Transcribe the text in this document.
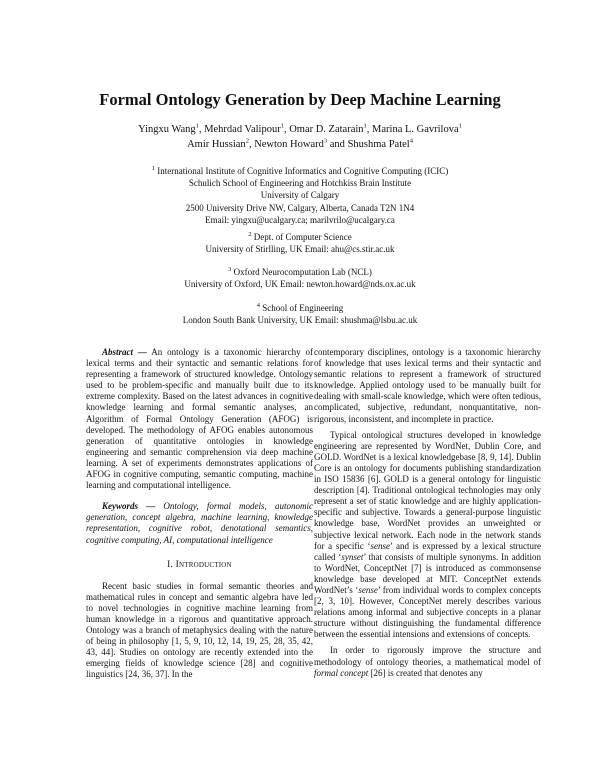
Formal Ontology Generation by Deep Machine Learning
Yingxu Wang$^1$, Mehrdad Valipour$^1$, Omar D. Zatarain$^1$, Marina L. Gavrilova$^1$
Amir Hussian$^2$, Newton Howard$^3$ and Shushma Patel$^4$
$^1$ International Institute of Cognitive Informatics and Cognitive Computing (ICIC)
Schulich School of Engineering and Hotchkiss Brain Institute
University of Calgary
2500 University Drive NW, Calgary, Alberta, Canada T2N 1N4
Email: yingxu@ucalgary.ca; marilvrilo@ucalgary.ca
$^2$ Dept. of Computer Science
University of Stirlling, UK Email: ahu@cs.stir.ac.uk
$^3$ Oxford Neurocomputation Lab (NCL)
University of Oxford, UK Email: newton.howard@nds.ox.ac.uk
$^4$ School of Engineering
London South Bank University, UK Email: shushma@lsbu.ac.uk

Abstract — An ontology is a taxonomic hierarchy of lexical terms and their syntactic and semantic relations for representing a framework of structured knowledge. Ontology used to be problem-specific and manually built due to its extreme complexity. Based on the latest advances in cognitive knowledge learning and formal semantic analyses, an Algorithm of Formal Ontology Generation (AFOG) is developed. The methodology of AFOG enables autonomous generation of quantitative ontologies in knowledge engineering and semantic comprehension via deep machine learning. A set of experiments demonstrates applications of AFOG in cognitive computing, semantic computing, machine learning and computational intelligence.

Keywords — Ontology, formal models, autonomic generation, concept algebra, machine learning, knowledge representation, cognitive robot, denotational semantics, cognitive computing, AI, computational intelligence

I. Introduction

Recent basic studies in formal semantic theories and mathematical rules in concept and semantic algebra have led to novel technologies in cognitive machine learning from human knowledge in a rigorous and quantitative approach. Ontology was a branch of metaphysics dealing with the nature of being in philosophy [1, 5, 9, 10, 12, 14, 19, 25, 28, 35, 42, 43, 44]. Studies on ontology are recently extended into the emerging fields of knowledge science [28] and cognitive linguistics [24, 36, 37]. In the

contemporary disciplines, ontology is a taxonomic hierarchy of knowledge that uses lexical terms and their syntactic and semantic relations to represent a framework of structured knowledge. Applied ontology used to be manually built for dealing with small-scale knowledge, which were often tedious, complicated, subjective, redundant, nonquantitative, non-rigorous, inconsistent, and incomplete in practice.

Typical ontological structures developed in knowledge engineering are represented by WordNet, Dublin Core, and GOLD. WordNet is a lexical knowledgebase [8, 9, 14]. Dublin Core is an ontology for documents publishing standardization in ISO 15836 [6]. GOLD is a general ontology for linguistic description [4]. Traditional ontological technologies may only represent a set of static knowledge and are highly application-specific and subjective. Towards a general-purpose linguistic knowledge base, WordNet provides an unweighted or subjective lexical network. Each node in the network stands for a specific ‘sense’ and is expressed by a lexical structure called ‘synset’ that consists of multiple synonyms. In addition to WordNet, ConceptNet [7] is introduced as commonsense knowledge base developed at MIT. ConceptNet extends WordNet’s ‘sense’ from individual words to complex concepts [2, 3, 10]. However, ConceptNet merely describes various relations among informal and subjective concepts in a planar structure without distinguishing the fundamental difference between the essential intensions and extensions of concepts.

In order to rigorously improve the structure and methodology of ontology theories, a mathematical model of formal concept [26] is created that denotes any
